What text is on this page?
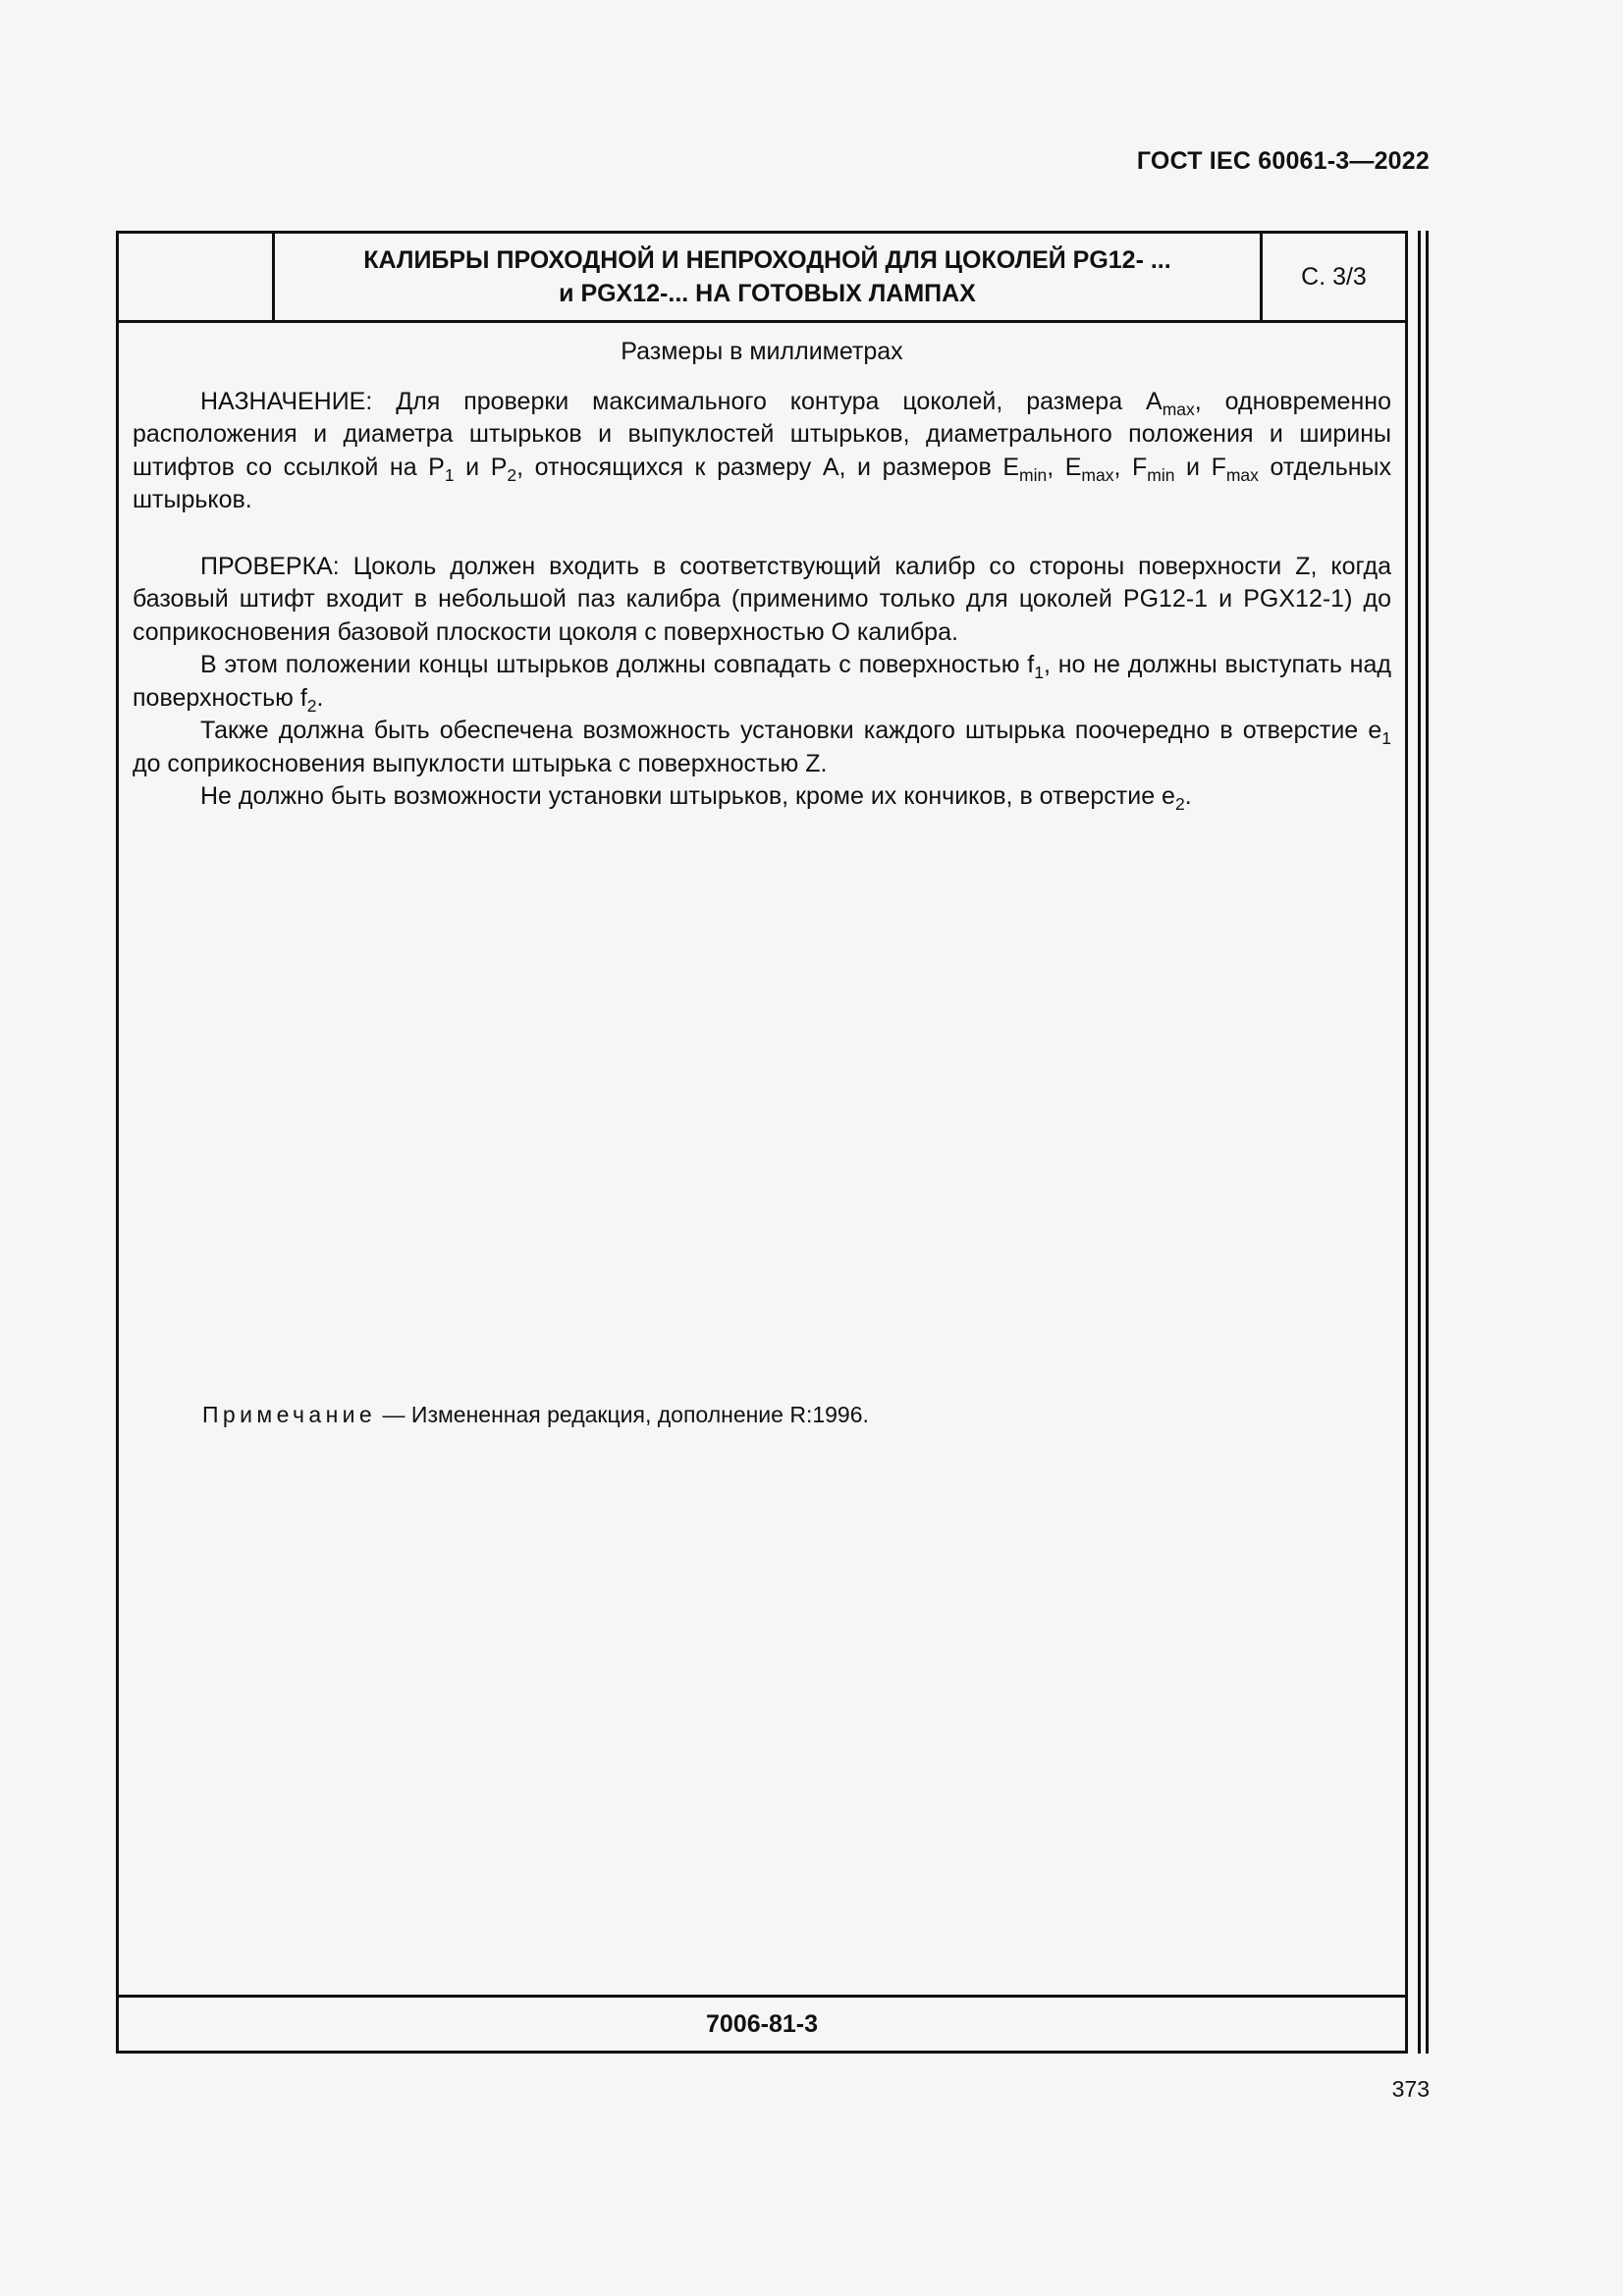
ГОСТ IEC 60061-3—2022
КАЛИБРЫ ПРОХОДНОЙ И НЕПРОХОДНОЙ ДЛЯ ЦОКОЛЕЙ PG12- ...
и PGX12-... НА ГОТОВЫХ ЛАМПАХ
С. 3/3
Размеры в миллиметрах

НАЗНАЧЕНИЕ: Для проверки максимального контура цоколей, размера $A_{max}$, одновременно расположения и диаметра штырьков и выпуклостей штырьков, диаметрального положения и ширины штифтов со ссылкой на $P_1$ и $P_2$, относящихся к размеру A, и размеров $E_{min}$, $E_{max}$, $F_{min}$ и $F_{max}$ отдельных штырьков.

ПРОВЕРКА: Цоколь должен входить в соответствующий калибр со стороны поверхности Z, когда базовый штифт входит в небольшой паз калибра (применимо только для цоколей PG12-1 и PGX12-1) до соприкосновения базовой плоскости цоколя с поверхностью O калибра.

В этом положении концы штырьков должны совпадать с поверхностью $f_1$, но не должны выступать над поверхностью $f_2$.

Также должна быть обеспечена возможность установки каждого штырька поочередно в отверстие $e_1$ до соприкосновения выпуклости штырька с поверхностью Z.

Не должно быть возможности установки штырьков, кроме их кончиков, в отверстие $e_2$.

Примечание — Измененная редакция, дополнение R:1996.
7006-81-3
373
